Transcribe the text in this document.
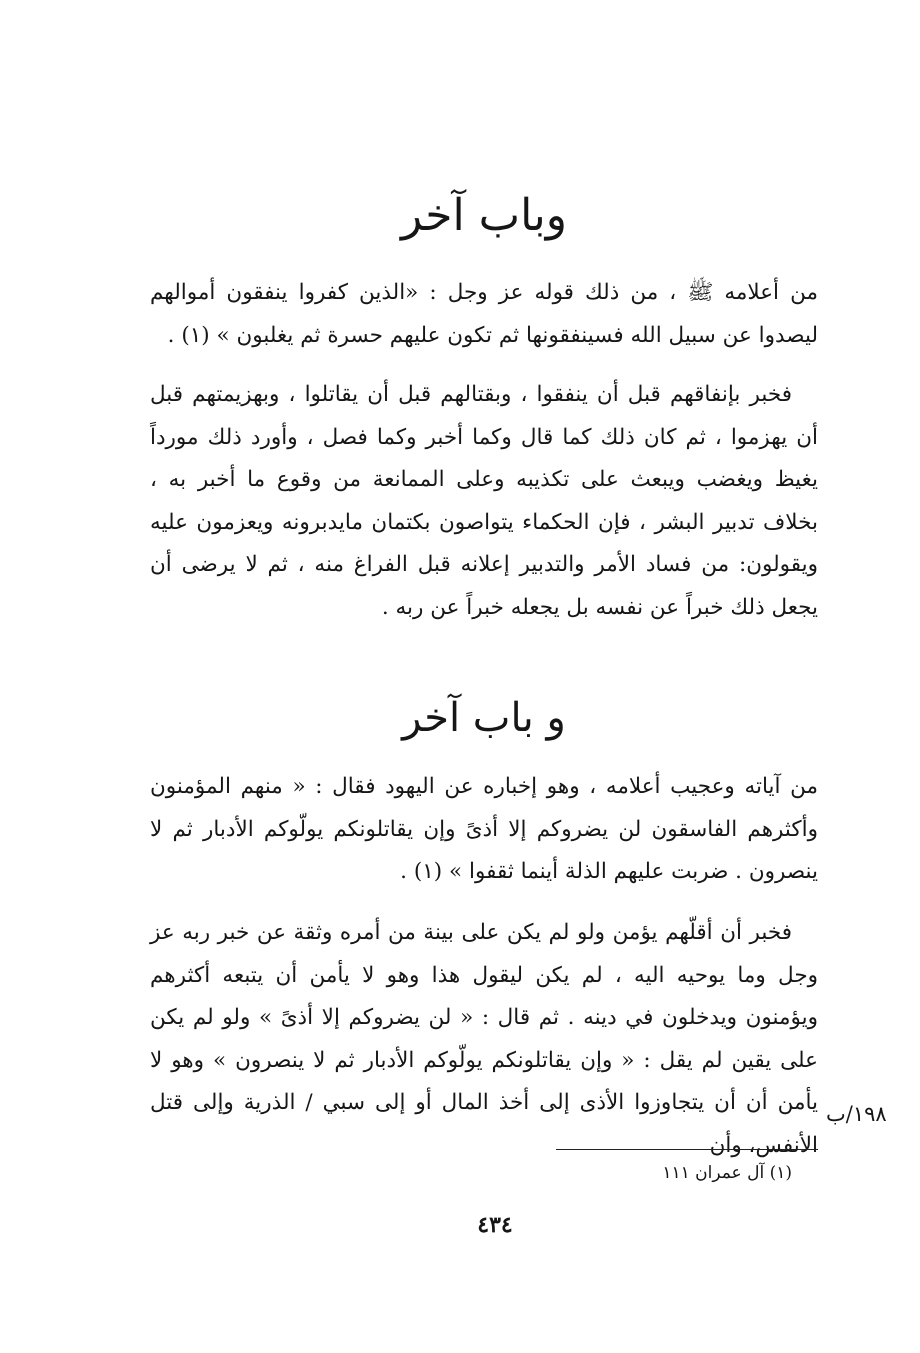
وباب آخر

من أعلامه ﷺ ، من ذلك قوله عز وجل : «الذين كفروا ينفقون أموالهم ليصدوا عن سبيل الله فسينفقونها ثم تكون عليهم حسرة ثم يغلبون » (١) .

فخبر بإنفاقهم قبل أن ينفقوا ، وبقتالهم قبل أن يقاتلوا ، وبهزيمتهم قبل أن يهزموا ، ثم كان ذلك كما قال وكما أخبر وكما فصل ، وأورد ذلك مورداً يغيظ ويغضب ويبعث على تكذيبه وعلى الممانعة من وقوع ما أخبر به ، بخلاف تدبير البشر ، فإن الحكماء يتواصون بكتمان مايدبرونه ويعزمون عليه ويقولون: من فساد الأمر والتدبير إعلانه قبل الفراغ منه ، ثم لا يرضى أن يجعل ذلك خبراً عن نفسه بل يجعله خبراً عن ربه .

و باب آخر

من آياته وعجيب أعلامه ، وهو إخباره عن اليهود فقال : « منهم المؤمنون وأكثرهم الفاسقون لن يضروكم إلا أذىً وإن يقاتلونكم يولّوكم الأدبار ثم لا ينصرون . ضربت عليهم الذلة أينما ثقفوا » (١) .

فخبر أن أقلّهم يؤمن ولو لم يكن على بينة من أمره وثقة عن خبر ربه عز وجل وما يوحيه اليه ، لم يكن ليقول هذا وهو لا يأمن أن يتبعه أكثرهم ويؤمنون ويدخلون في دينه . ثم قال : « لن يضروكم إلا أذىً » ولو لم يكن على يقين لم يقل : « وإن يقاتلونكم يولّوكم الأدبار ثم لا ينصرون » وهو لا يأمن أن أن يتجاوزوا الأذى إلى أخذ المال أو إلى سبي / الذرية وإلى قتل الأنفس، وأن

١٩٨/ب
(١) آل عمران ١١١
٤٣٤
